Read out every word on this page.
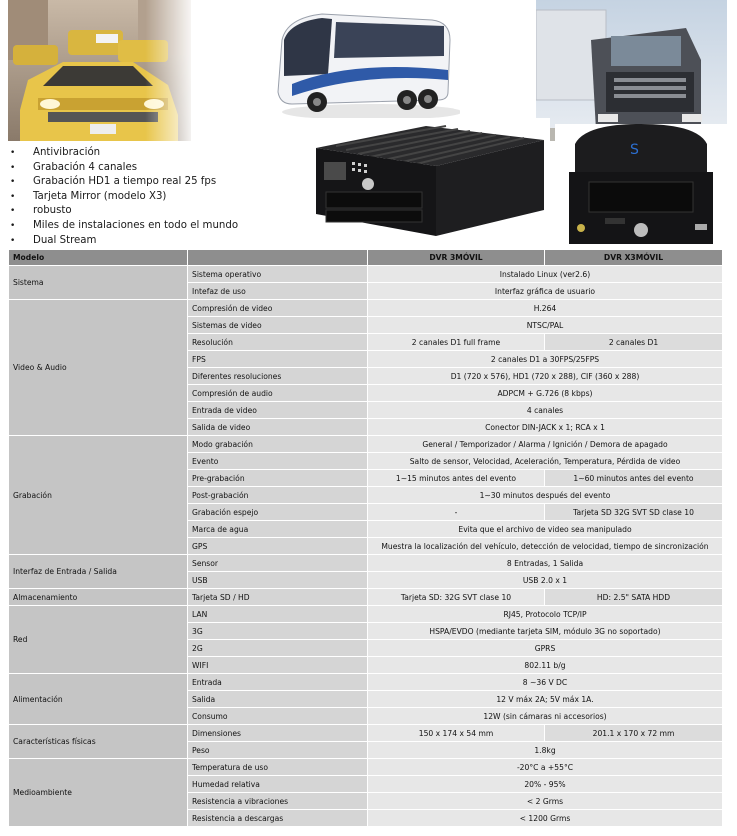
S
• Antivibración
• Grabación 4 canales
• Grabación HD1 a tiempo real 25 fps
• Tarjeta Mirror (modelo X3)
• robusto
• Miles de instalaciones en todo el mundo
• Dual Stream
Modelo		DVR 3MÓVIL	DVR X3MÓVIL
Sistema	Sistema operativo	Instalado Linux (ver2.6)	
	Intefaz de uso	Interfaz gráfica de usuario	
Video & Audio	Compresión de video	H.264	
	Sistemas de video	NTSC/PAL	
	Resolución	2 canales D1 full frame	2 canales D1
	FPS	2 canales D1 a 30FPS/25FPS	
	Diferentes resoluciones	D1 (720 x 576), HD1 (720 x 288), CIF (360 x 288)	
	Compresión de audio	ADPCM + G.726 (8 kbps)	
	Entrada de video	4 canales	
	Salida de video	Conector DIN-JACK x 1; RCA x 1	
Grabación	Modo grabación	General / Temporizador / Alarma / Ignición / Demora de apagado	
	Evento	Salto de sensor, Velocidad, Aceleración, Temperatura, Pérdida de video	
	Pre-grabación	1~15 minutos antes del evento	1~60 minutos antes del evento
	Post-grabación	1~30 minutos después del evento	
	Grabación espejo	-	Tarjeta SD 32G SVT SD clase 10
	Marca de agua	Evita que el archivo de video sea manipulado	
	GPS	Muestra la localización del vehículo, detección de velocidad, tiempo de sincronización	
Interfaz de Entrada / Salida	Sensor	8 Entradas, 1 Salida	
	USB	USB 2.0 x 1	
Almacenamiento	Tarjeta SD / HD	Tarjeta SD: 32G SVT clase 10	HD: 2.5" SATA HDD
Red	LAN	RJ45, Protocolo TCP/IP	
	3G	HSPA/EVDO (mediante tarjeta SIM, módulo 3G no soportado)	
	2G	GPRS	
	WIFI	802.11 b/g	
Alimentación	Entrada	8 ~36 V DC	
	Salida	12 V máx 2A; 5V máx 1A.	
	Consumo	12W (sin cámaras ni accesorios)	
Características físicas	Dimensiones	150 x 174 x 54 mm	201.1 x 170 x 72 mm
	Peso	1.8kg	
Medioambiente	Temperatura de uso	-20°C a +55°C	
	Humedad relativa	20% - 95%	
	Resistencia a vibraciones	< 2 Grms	
	Resistencia a descargas	< 1200 Grms	
